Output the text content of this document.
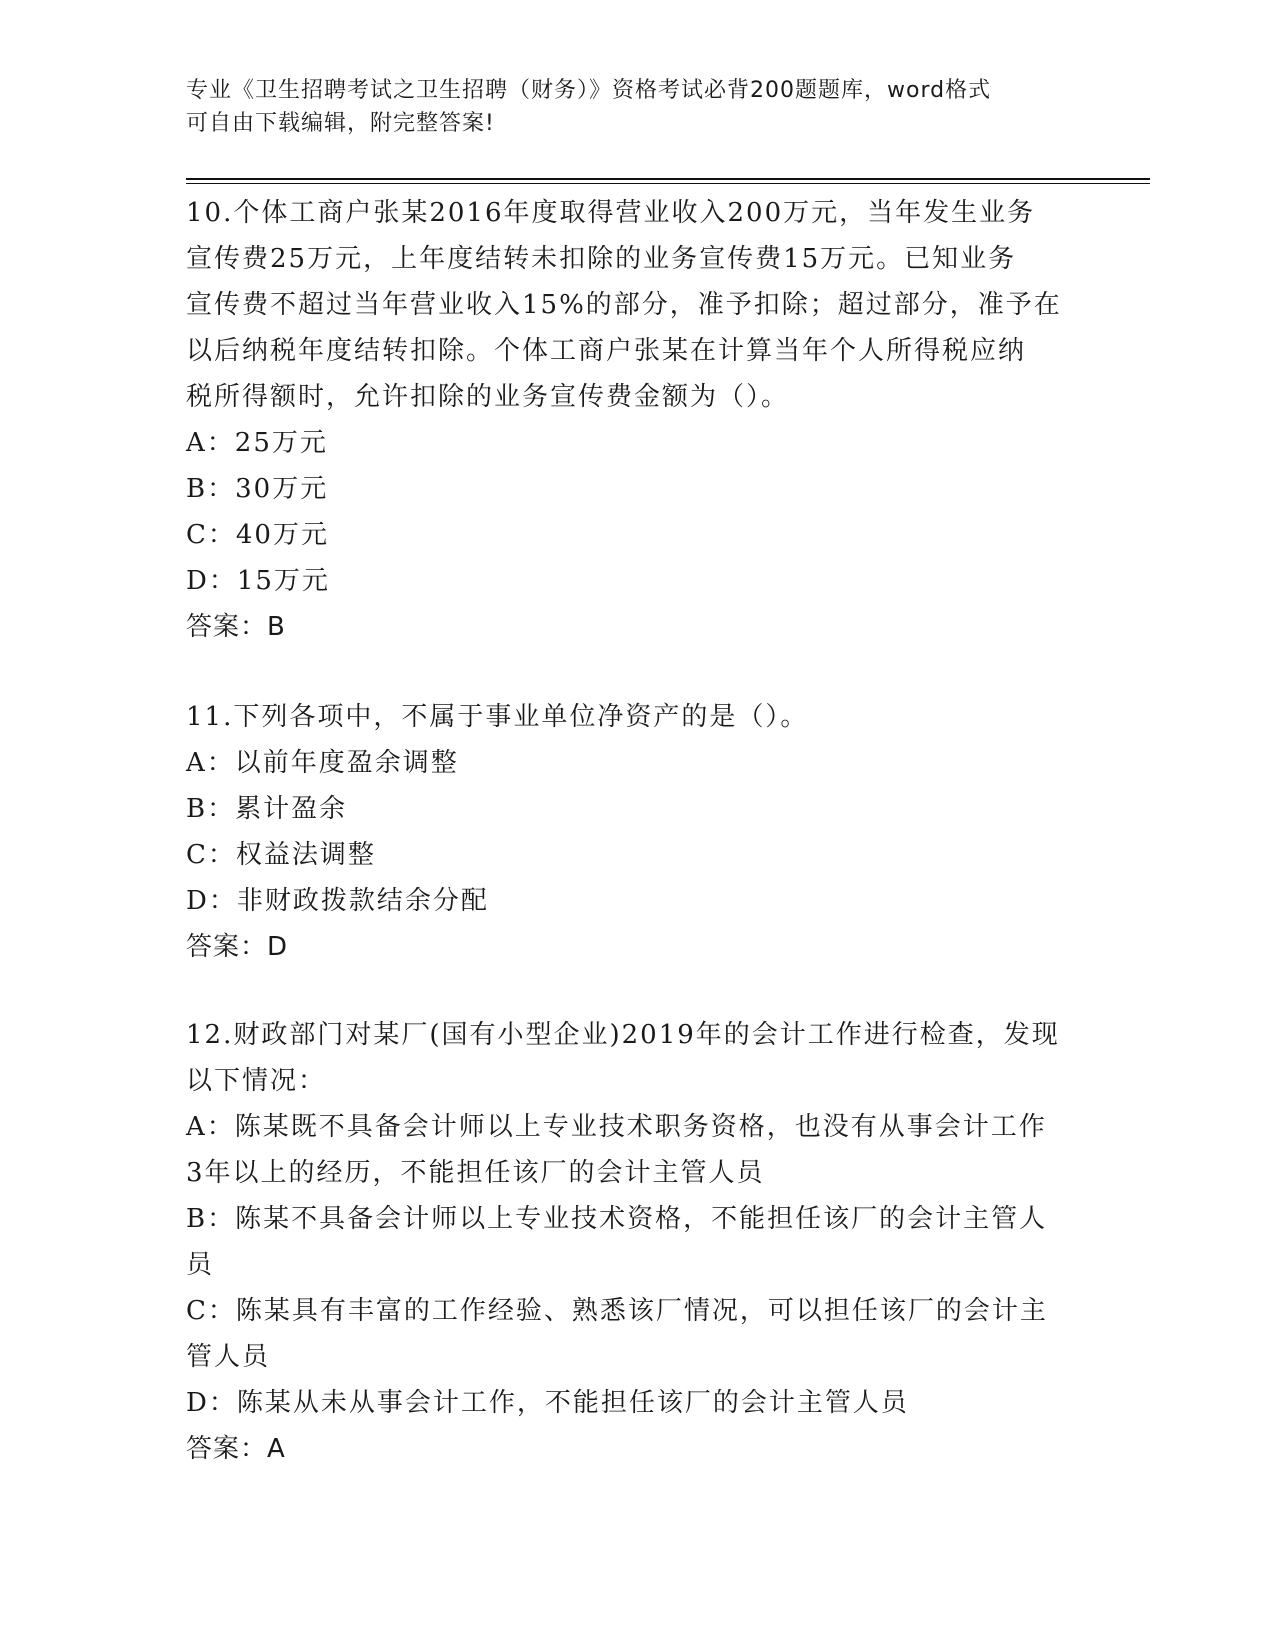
专业《卫生招聘考试之卫生招聘（财务）》资格考试必背200题题库，word格式
可自由下载编辑，附完整答案!
10.个体工商户张某2016年度取得营业收入200万元，当年发生业务
宣传费25万元，上年度结转未扣除的业务宣传费15万元。已知业务
宣传费不超过当年营业收入15%的部分，准予扣除；超过部分，准予在
以后纳税年度结转扣除。个体工商户张某在计算当年个人所得税应纳
税所得额时，允许扣除的业务宣传费金额为（）。
A：25万元
B：30万元
C：40万元
D：15万元
答案：B
11.下列各项中，不属于事业单位净资产的是（）。
A：以前年度盈余调整
B：累计盈余
C：权益法调整
D：非财政拨款结余分配
答案：D
12.财政部门对某厂(国有小型企业)2019年的会计工作进行检查，发现
以下情况：
A：陈某既不具备会计师以上专业技术职务资格，也没有从事会计工作
3年以上的经历，不能担任该厂的会计主管人员
B：陈某不具备会计师以上专业技术资格，不能担任该厂的会计主管人
员
C：陈某具有丰富的工作经验、熟悉该厂情况，可以担任该厂的会计主
管人员
D：陈某从未从事会计工作，不能担任该厂的会计主管人员
答案：A
